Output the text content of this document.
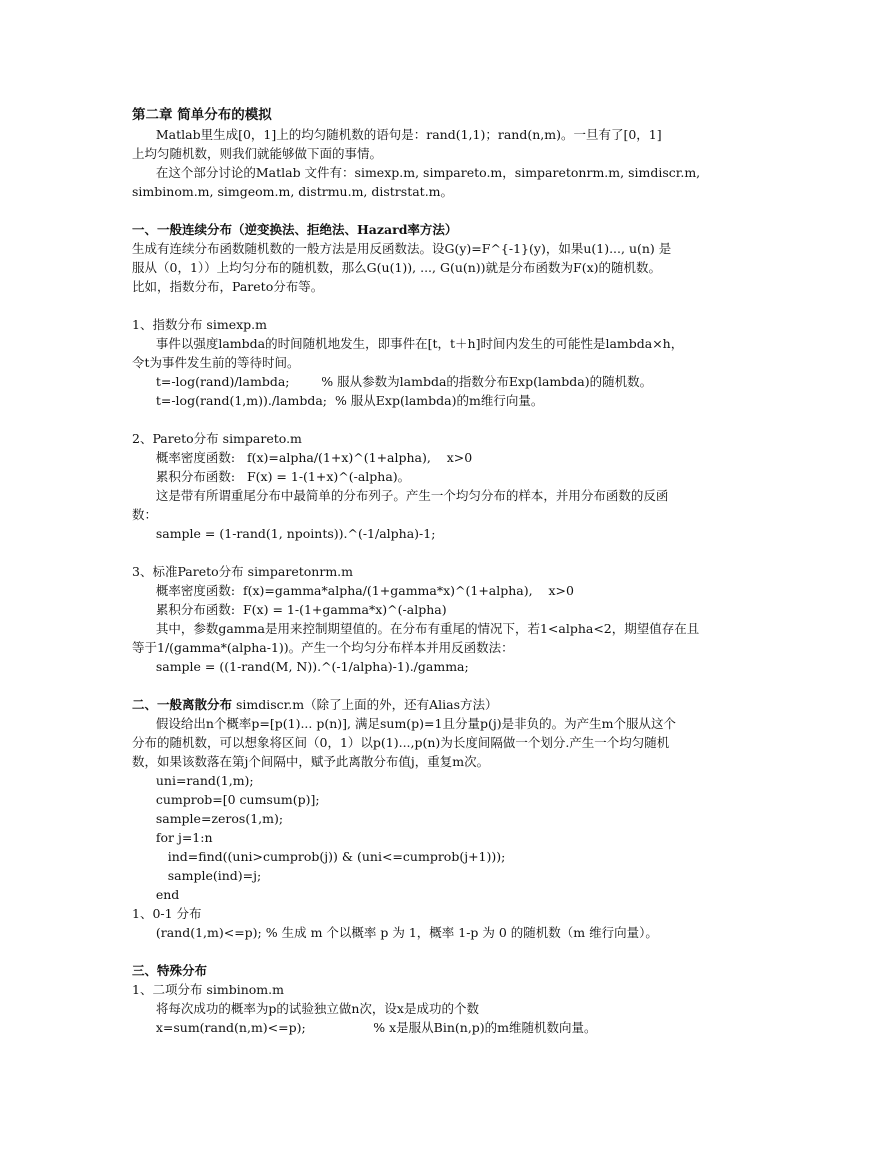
第二章 简单分布的模拟
Matlab里生成[0，1]上的均匀随机数的语句是：rand(1,1)；rand(n,m)。一旦有了[0，1]
上均匀随机数，则我们就能够做下面的事情。
在这个部分讨论的Matlab 文件有：simexp.m, simpareto.m，simparetonrm.m, simdiscr.m,
simbinom.m, simgeom.m, distrmu.m, distrstat.m。
一、一般连续分布（逆变换法、拒绝法、Hazard率方法）
生成有连续分布函数随机数的一般方法是用反函数法。设G(y)=F^{-1}(y)，如果u(1)..., u(n) 是
服从（0，1））上均匀分布的随机数，那么G(u(1)), ..., G(u(n))就是分布函数为F(x)的随机数。
比如，指数分布，Pareto分布等。
1、指数分布 simexp.m
事件以强度lambda的时间随机地发生，即事件在[t，t＋h]时间内发生的可能性是lambda×h，
令t为事件发生前的等待时间。
t=-log(rand)/lambda;        % 服从参数为lambda的指数分布Exp(lambda)的随机数。
t=-log(rand(1,m))./lambda;  % 服从Exp(lambda)的m维行向量。
2、Pareto分布 simpareto.m
概率密度函数:   f(x)=alpha/(1+x)^(1+alpha),    x>0
累积分布函数:   F(x) = 1-(1+x)^(-alpha)。
这是带有所谓重尾分布中最简单的分布列子。产生一个均匀分布的样本，并用分布函数的反函
数：
sample = (1-rand(1, npoints)).^(-1/alpha)-1;
3、标准Pareto分布 simparetonrm.m
概率密度函数:  f(x)=gamma*alpha/(1+gamma*x)^(1+alpha),    x>0
累积分布函数:  F(x) = 1-(1+gamma*x)^(-alpha)
其中，参数gamma是用来控制期望值的。在分布有重尾的情况下，若1<alpha<2，期望值存在且
等于1/(gamma*(alpha-1))。产生一个均匀分布样本并用反函数法：
sample = ((1-rand(M, N)).^(-1/alpha)-1)./gamma;
二、一般离散分布 simdiscr.m（除了上面的外，还有Alias方法）
假设给出n个概率p=[p(1)... p(n)], 满足sum(p)=1且分量p(j)是非负的。为产生m个服从这个
分布的随机数，可以想象将区间（0，1）以p(1)...,p(n)为长度间隔做一个划分.产生一个均匀随机
数，如果该数落在第j个间隔中，赋予此离散分布值j，重复m次。
uni=rand(1,m);
cumprob=[0 cumsum(p)];
sample=zeros(1,m);
for j=1:n
ind=find((uni>cumprob(j)) & (uni<=cumprob(j+1)));
sample(ind)=j;
end
1、0-1 分布
(rand(1,m)<=p); % 生成 m 个以概率 p 为 1，概率 1-p 为 0 的随机数（m 维行向量）。
三、特殊分布
1、二项分布 simbinom.m
将每次成功的概率为p的试验独立做n次，设x是成功的个数
x=sum(rand(n,m)<=p);                 % x是服从Bin(n,p)的m维随机数向量。
